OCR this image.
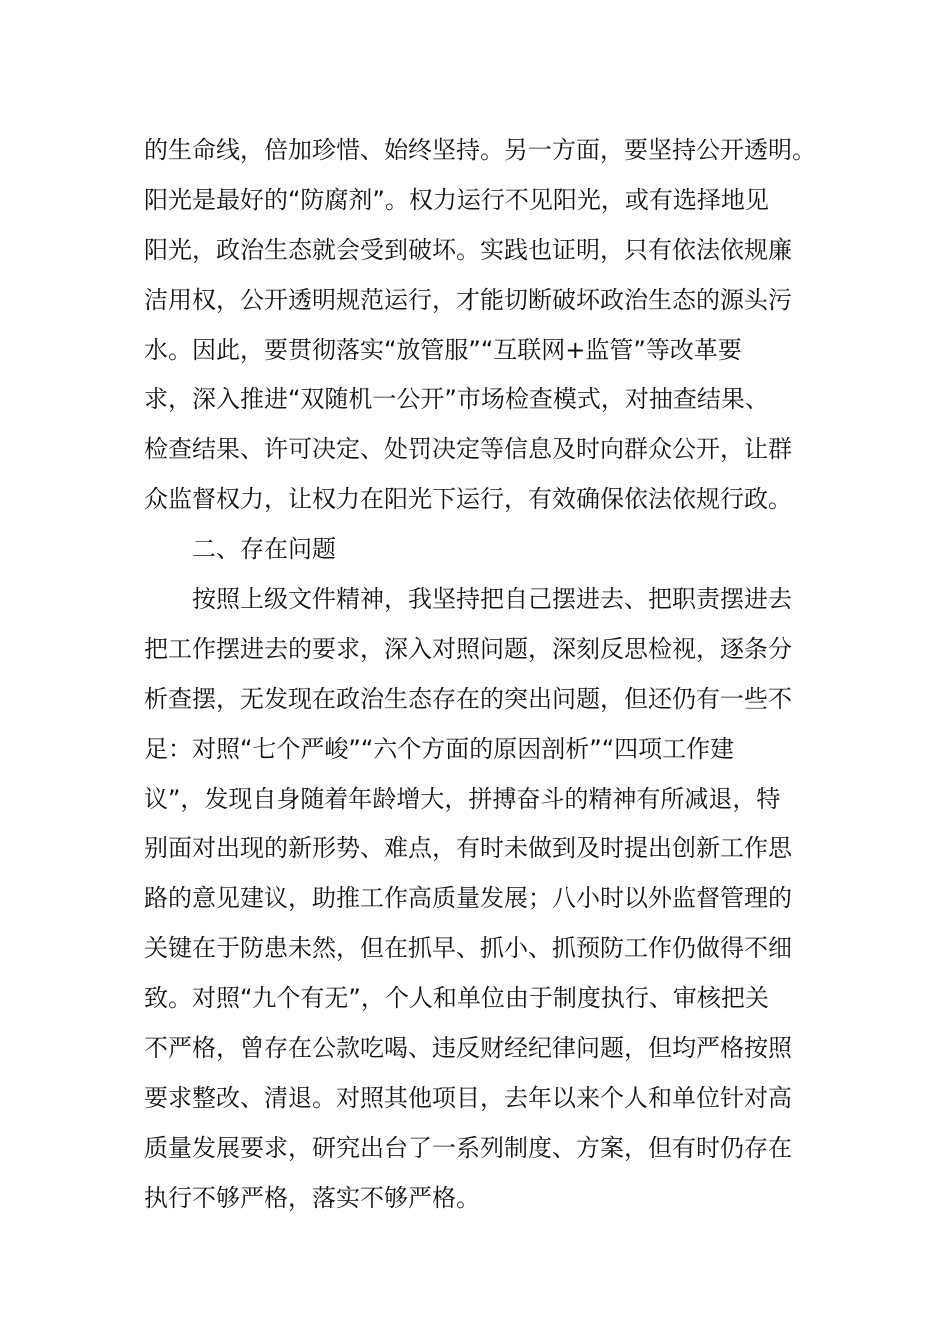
的生命线，倍加珍惜、始终坚持。另一方面，要坚持公开透明。
阳光是最好的“防腐剂”。权力运行不见阳光，或有选择地见
阳光，政治生态就会受到破坏。实践也证明，只有依法依规廉
洁用权，公开透明规范运行，才能切断破坏政治生态的源头污
水。因此，要贯彻落实“放管服”“互联网+监管”等改革要
求，深入推进“双随机一公开”市场检查模式，对抽查结果、
检查结果、许可决定、处罚决定等信息及时向群众公开，让群
众监督权力，让权力在阳光下运行，有效确保依法依规行政。
二、存在问题
按照上级文件精神，我坚持把自己摆进去、把职责摆进去
把工作摆进去的要求，深入对照问题，深刻反思检视，逐条分
析查摆，无发现在政治生态存在的突出问题，但还仍有一些不
足：对照“七个严峻”“六个方面的原因剖析”“四项工作建
议”，发现自身随着年龄增大，拼搏奋斗的精神有所减退，特
别面对出现的新形势、难点，有时未做到及时提出创新工作思
路的意见建议，助推工作高质量发展；八小时以外监督管理的
关键在于防患未然，但在抓早、抓小、抓预防工作仍做得不细
致。对照“九个有无”，个人和单位由于制度执行、审核把关
不严格，曾存在公款吃喝、违反财经纪律问题，但均严格按照
要求整改、清退。对照其他项目，去年以来个人和单位针对高
质量发展要求，研究出台了一系列制度、方案，但有时仍存在
执行不够严格，落实不够严格。
